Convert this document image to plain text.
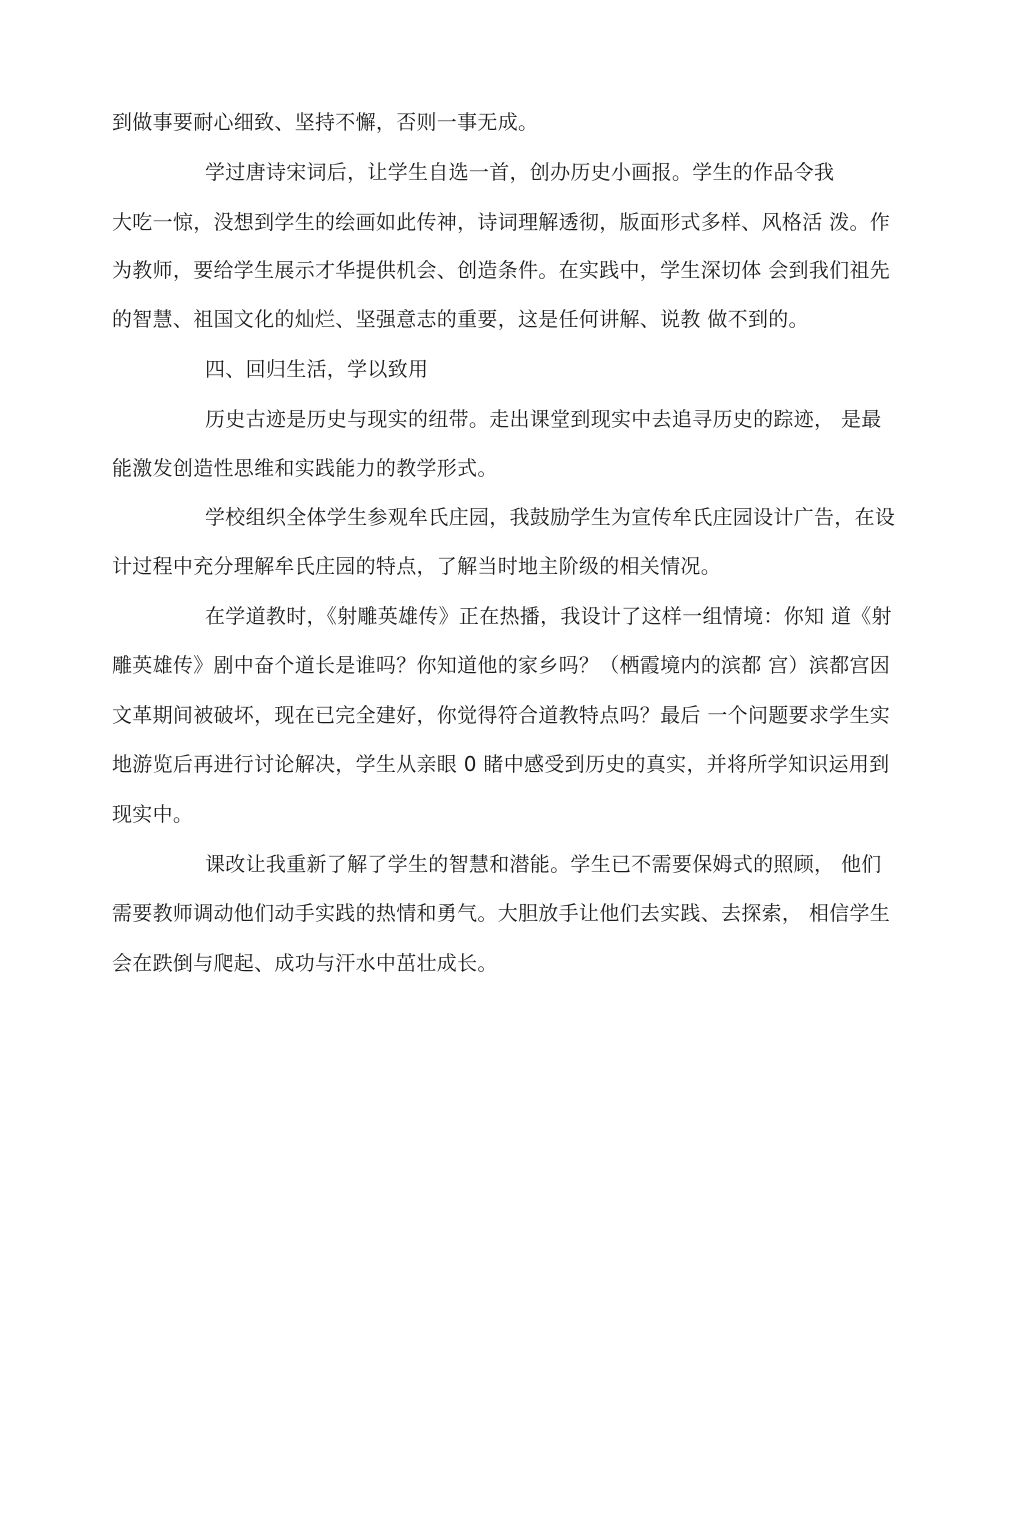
到做事要耐心细致、坚持不懈，否则一事无成。
学过唐诗宋词后，让学生自选一首，创办历史小画报。学生的作品令我
大吃一惊，没想到学生的绘画如此传神，诗词理解透彻，版面形式多样、风格活 泼。作
为教师，要给学生展示才华提供机会、创造条件。在实践中，学生深切体 会到我们祖先
的智慧、祖国文化的灿烂、坚强意志的重要，这是任何讲解、说教 做不到的。
四、回归生活，学以致用
历史古迹是历史与现实的纽带。走出课堂到现实中去追寻历史的踪迹， 是最
能激发创造性思维和实践能力的教学形式。
学校组织全体学生参观牟氏庄园，我鼓励学生为宣传牟氏庄园设计广告，在设
计过程中充分理解牟氏庄园的特点，了解当时地主阶级的相关情况。
在学道教时，《射雕英雄传》正在热播，我设计了这样一组情境：你知 道《射
雕英雄传》剧中奋个道长是谁吗？你知道他的家乡吗？（栖霞境内的滨都 宫）滨都宫因
文革期间被破坏，现在已完全建好，你觉得符合道教特点吗？最后 一个问题要求学生实
地游览后再进行讨论解决，学生从亲眼 0 睹中感受到历史的真实，并将所学知识运用到
现实中。
课改让我重新了解了学生的智慧和潜能。学生已不需要保姆式的照顾， 他们
需要教师调动他们动手实践的热情和勇气。大胆放手让他们去实践、去探索， 相信学生
会在跌倒与爬起、成功与汗水中茁壮成长。
